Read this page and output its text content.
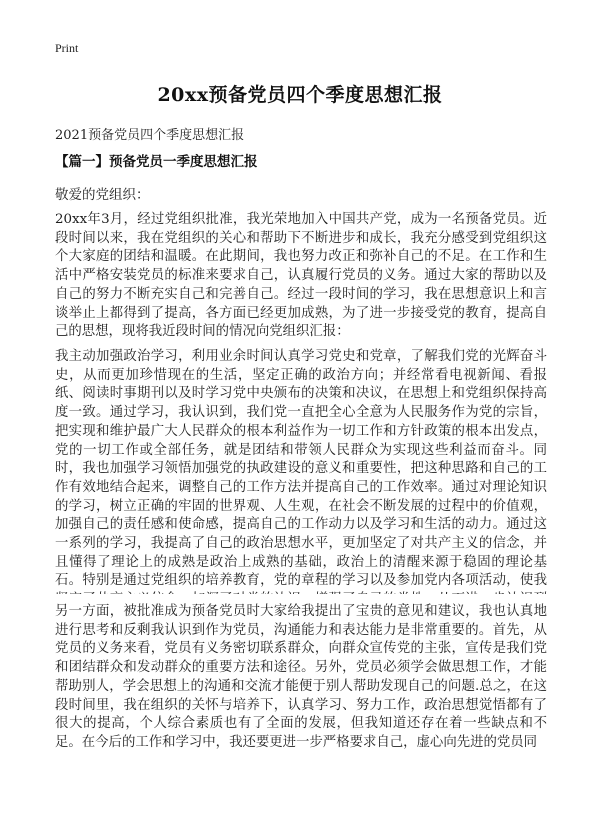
Print
20xx预备党员四个季度思想汇报
2021预备党员四个季度思想汇报
【篇一】预备党员一季度思想汇报
敬爱的党组织：

20xx年3月，经过党组织批准，我光荣地加入中国共产党，成为一名预备党员。近段时间以来，我在党组织的关心和帮助下不断进步和成长，我充分感受到党组织这个大家庭的团结和温暖。在此期间，我也努力改正和弥补自己的不足。在工作和生活中严格安装党员的标准来要求自己，认真履行党员的义务。通过大家的帮助以及自己的努力不断充实自己和完善自己。经过一段时间的学习，我在思想意识上和言谈举止上都得到了提高，各方面已经更加成熟，为了进一步接受党的教育，提高自己的思想，现将我近段时间的情况向党组织汇报：

我主动加强政治学习，利用业余时间认真学习党史和党章，了解我们党的光辉奋斗史，从而更加珍惜现在的生活，坚定正确的政治方向；并经常看电视新闻、看报纸、阅读时事期刊以及时学习党中央颁布的决策和决议，在思想上和党组织保持高度一致。通过学习，我认识到，我们党一直把全心全意为人民服务作为党的宗旨，把实现和维护最广大人民群众的根本利益作为一切工作和方针政策的根本出发点，党的一切工作或全部任务，就是团结和带领人民群众为实现这些利益而奋斗。同时，我也加强学习领悟加强党的执政建设的意义和重要性，把这种思路和自己的工作有效地结合起来，调整自己的工作方法并提高自己的工作效率。通过对理论知识的学习，树立正确的牢固的世界观、人生观，在社会不断发展的过程中的价值观，加强自己的责任感和使命感，提高自己的工作动力以及学习和生活的动力。通过这一系列的学习，我提高了自己的政治思想水平，更加坚定了对共产主义的信念，并且懂得了理论上的成熟是政治上成熟的基础，政治上的清醒来源于稳固的理论基石。特别是通过党组织的培养教育，党的章程的学习以及参加党内各项活动，使我

另一方面，被批准成为预备党员时大家给我提出了宝贵的意见和建议，我也认真地进行思考和反剩我认识到作为党员，沟通能力和表达能力是非常重要的。首先，从党员的义务来看，党员有义务密切联系群众，向群众宣传党的主张，宣传是我们党和团结群众和发动群众的重要方法和途径。另外，党员必须学会做思想工作，才能帮助别人，学会思想上的沟通和交流才能便于别人帮助发现自己的问题.总之，在这段时间里，我在组织的关怀与培养下，认真学习、努力工作，政治思想觉悟都有了很大的提高，个人综合素质也有了全面的发展，但我知道还存在着一些缺点和不足。在今后的工作和学习中，我还要更进一步严格要求自己，虚心向先进的党员同
